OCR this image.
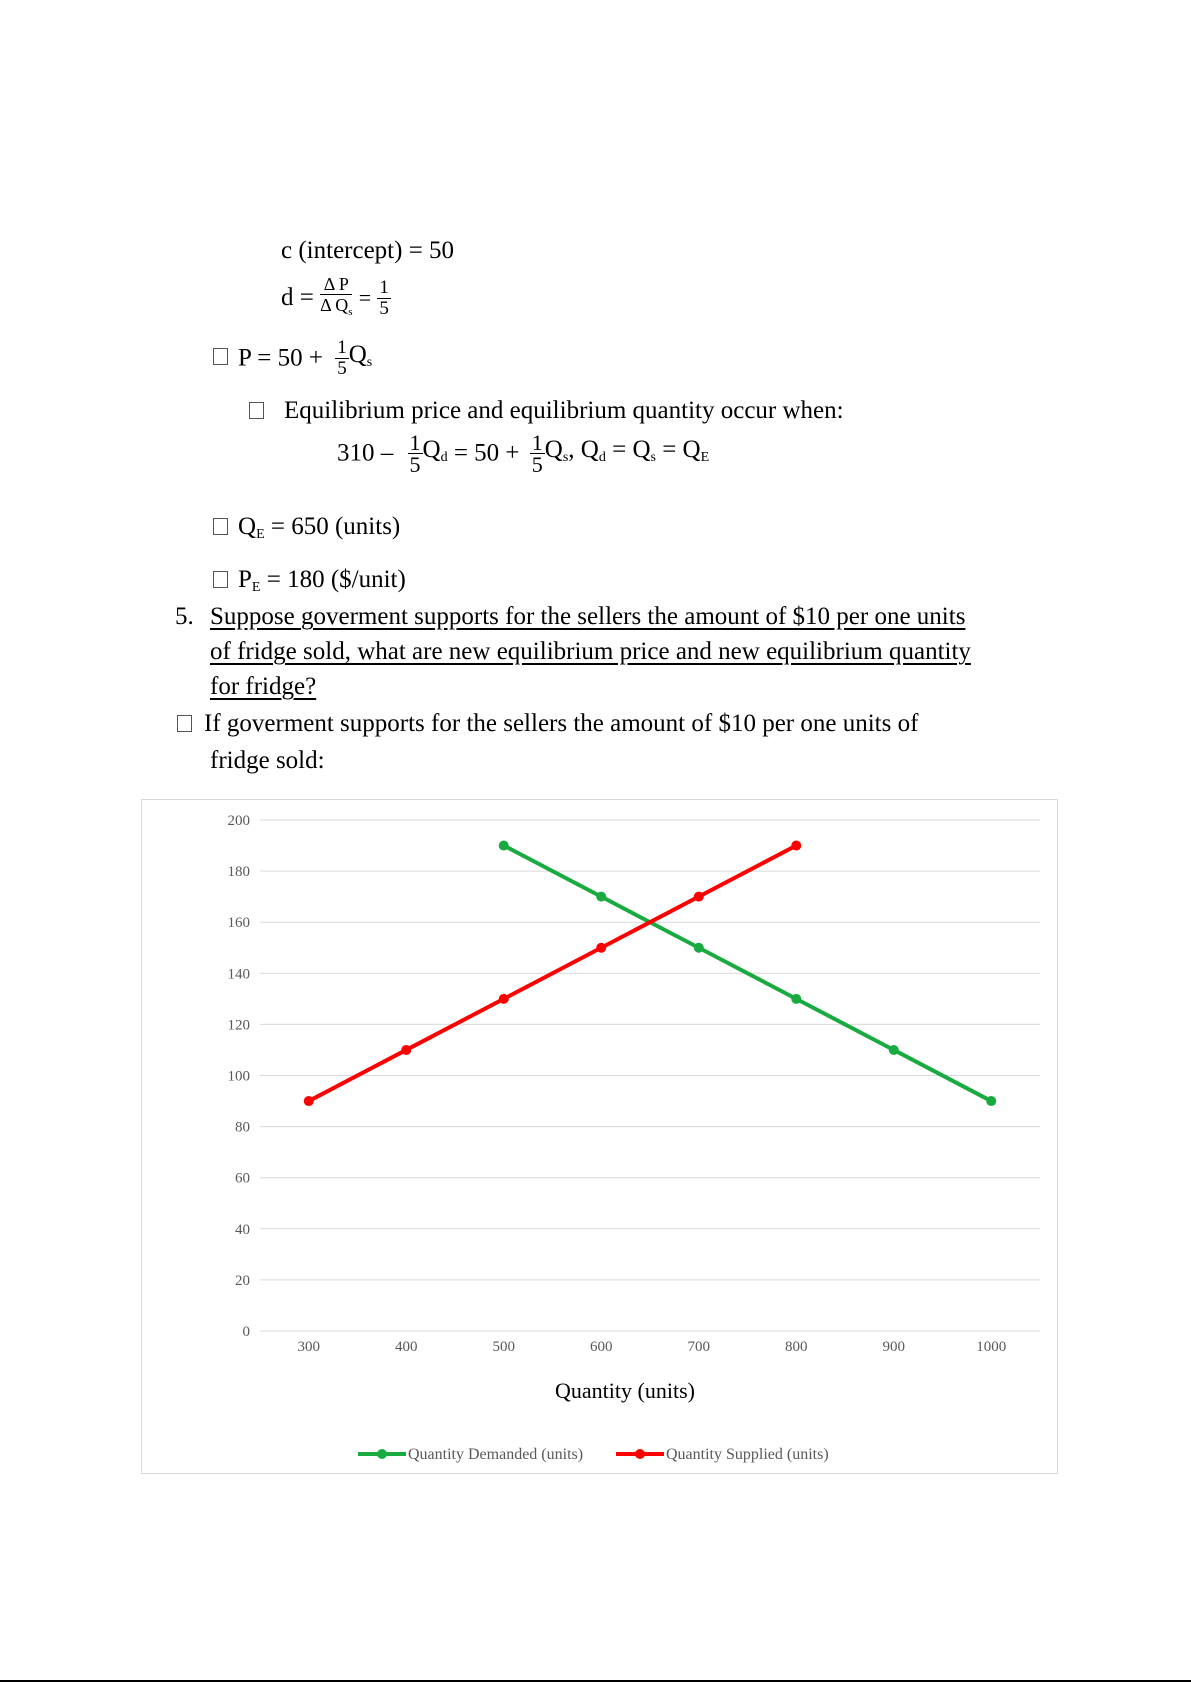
c (intercept) = 50
$d = \frac{\text{Δ P}}{\Delta Q_s} = \frac{1}{5}$
$P = 50 + \frac{1}{5} Q_s$
Equilibrium price and equilibrium quantity occur when:
$310 - \frac{1}{5} Q_d = 50 + \frac{1}{5} Q_s$, $Q_d = Q_s = Q_E$
$Q_E = 650$ (units)
$P_E = 180$ ($/unit)
5. Suppose goverment supports for the sellers the amount of $10 per one units
of fridge sold, what are new equilibrium price and new equilibrium quantity
for fridge?
If goverment supports for the sellers the amount of $10 per one units of
fridge sold:
0
20
40
60
80
100
120
140
160
180
200
300	400	500	600	700	800	900	1000
Quantity (units)
Quantity Demanded (units)	Quantity Supplied (units)
